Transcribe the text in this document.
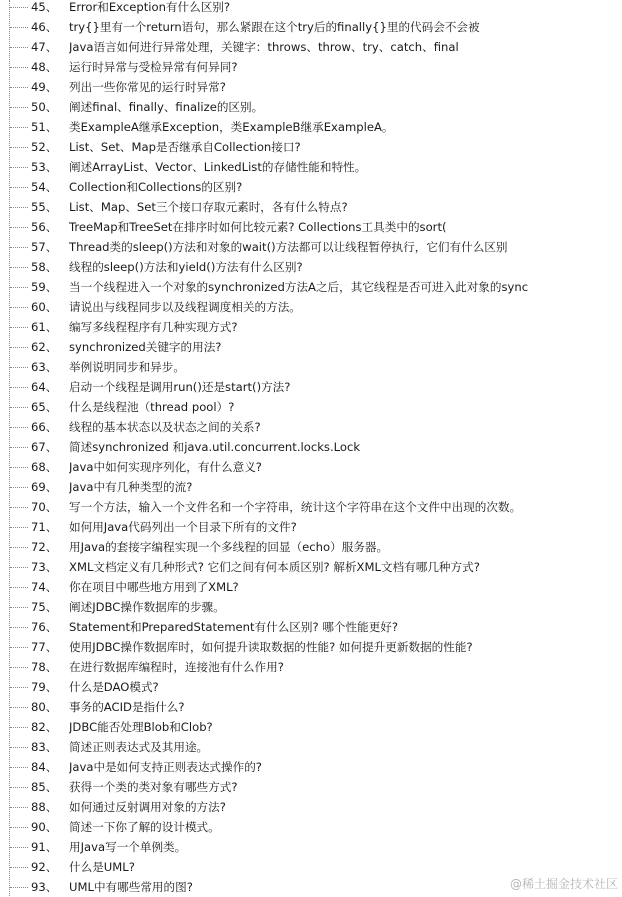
45、 Error和Exception有什么区别?
46、 try{}里有一个return语句，那么紧跟在这个try后的finally{}里的代码会不会被
47、 Java语言如何进行异常处理，关键字：throws、throw、try、catch、final
48、 运行时异常与受检异常有何异同?
49、 列出一些你常见的运行时异常?
50、 阐述final、finally、finalize的区别。
51、 类ExampleA继承Exception，类ExampleB继承ExampleA。
52、 List、Set、Map是否继承自Collection接口?
53、 阐述ArrayList、Vector、LinkedList的存储性能和特性。
54、 Collection和Collections的区别?
55、 List、Map、Set三个接口存取元素时，各有什么特点?
56、 TreeMap和TreeSet在排序时如何比较元素? Collections工具类中的sort(
57、 Thread类的sleep()方法和对象的wait()方法都可以让线程暂停执行，它们有什么区别
58、 线程的sleep()方法和yield()方法有什么区别?
59、 当一个线程进入一个对象的synchronized方法A之后，其它线程是否可进入此对象的sync
60、 请说出与线程同步以及线程调度相关的方法。
61、 编写多线程程序有几种实现方式?
62、 synchronized关键字的用法?
63、 举例说明同步和异步。
64、 启动一个线程是调用run()还是start()方法?
65、 什么是线程池（thread pool）?
66、 线程的基本状态以及状态之间的关系?
67、 简述synchronized 和java.util.concurrent.locks.Lock
68、 Java中如何实现序列化，有什么意义?
69、 Java中有几种类型的流?
70、 写一个方法，输入一个文件名和一个字符串，统计这个字符串在这个文件中出现的次数。
71、 如何用Java代码列出一个目录下所有的文件?
72、 用Java的套接字编程实现一个多线程的回显（echo）服务器。
73、 XML文档定义有几种形式? 它们之间有何本质区别? 解析XML文档有哪几种方式?
74、 你在项目中哪些地方用到了XML?
75、 阐述JDBC操作数据库的步骤。
76、 Statement和PreparedStatement有什么区别? 哪个性能更好?
77、 使用JDBC操作数据库时，如何提升读取数据的性能? 如何提升更新数据的性能?
78、 在进行数据库编程时，连接池有什么作用?
79、 什么是DAO模式?
80、 事务的ACID是指什么?
82、 JDBC能否处理Blob和Clob?
83、 简述正则表达式及其用途。
84、 Java中是如何支持正则表达式操作的?
85、 获得一个类的类对象有哪些方式?
88、 如何通过反射调用对象的方法?
90、 简述一下你了解的设计模式。
91、 用Java写一个单例类。
92、 什么是UML?
93、 UML中有哪些常用的图?	@稀土掘金技术社区
